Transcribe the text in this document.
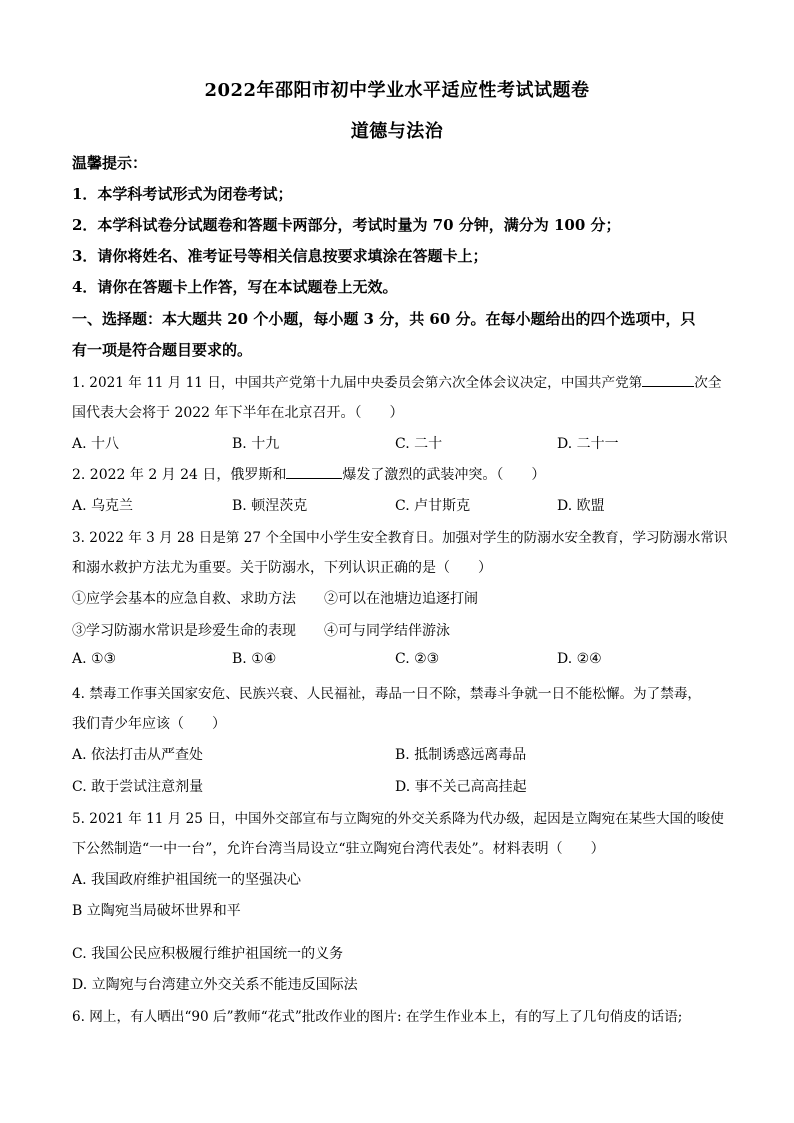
2022年邵阳市初中学业水平适应性考试试题卷
道德与法治
温馨提示：
1．本学科考试形式为闭卷考试；
2．本学科试卷分试题卷和答题卡两部分，考试时量为 70 分钟，满分为 100 分；
3．请你将姓名、准考证号等相关信息按要求填涂在答题卡上；
4．请你在答题卡上作答，写在本试题卷上无效。
一、选择题：本大题共 20 个小题，每小题 3 分，共 60 分。在每小题给出的四个选项中，只
有一项是符合题目要求的。
1. 2021 年 11 月 11 日，中国共产党第十九届中央委员会第六次全体会议决定，中国共产党第	次全
国代表大会将于 2022 年下半年在北京召开。（　　）
A. 十八	B. 十九	C. 二十	D. 二十一
2. 2022 年 2 月 24 日，俄罗斯和	爆发了激烈的武装冲突。（　　）
A. 乌克兰	B. 顿涅茨克	C. 卢甘斯克	D. 欧盟
3. 2022 年 3 月 28 日是第 27 个全国中小学生安全教育日。加强对学生的防溺水安全教育，学习防溺水常识
和溺水救护方法尤为重要。关于防溺水，下列认识正确的是（　　）
①应学会基本的应急自救、求助方法　　②可以在池塘边追逐打闹
③学习防溺水常识是珍爱生命的表现　　④可与同学结伴游泳
A. ①③	B. ①④	C. ②③	D. ②④
4. 禁毒工作事关国家安危、民族兴衰、人民福祉，毒品一日不除，禁毒斗争就一日不能松懈。为了禁毒，
我们青少年应该（　　）
A. 依法打击从严查处	B. 抵制诱惑远离毒品
C. 敢于尝试注意剂量	D. 事不关己高高挂起
5. 2021 年 11 月 25 日，中国外交部宣布与立陶宛的外交关系降为代办级，起因是立陶宛在某些大国的唆使
下公然制造“一中一台”，允许台湾当局设立“驻立陶宛台湾代表处”。材料表明（　　）
A. 我国政府维护祖国统一的坚强决心
B 立陶宛当局破坏世界和平
C. 我国公民应积极履行维护祖国统一的义务
D. 立陶宛与台湾建立外交关系不能违反国际法
6. 网上，有人晒出“90 后”教师“花式”批改作业的图片: 在学生作业本上，有的写上了几句俏皮的话语;
